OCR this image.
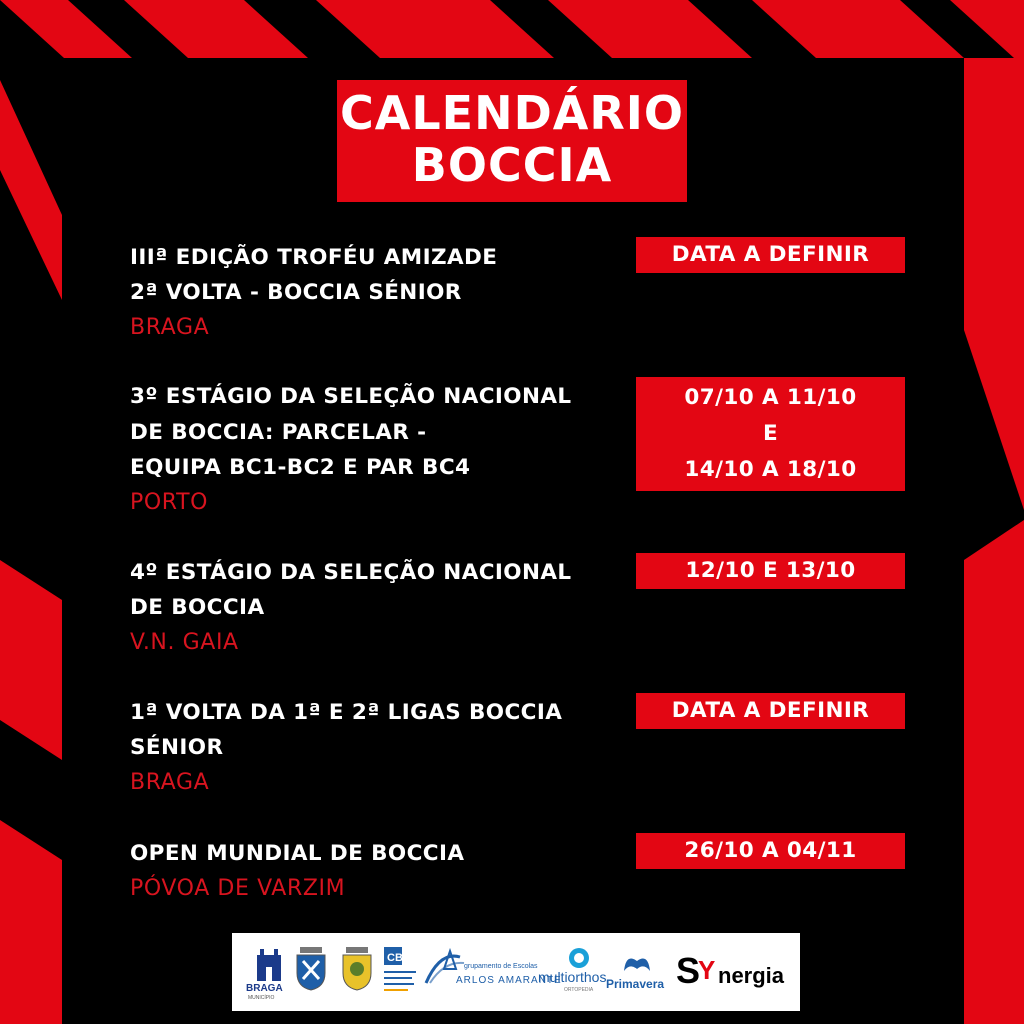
CALENDÁRIO
BOCCIA
IIIª EDIÇÃO TROFÉU AMIZADE
2ª VOLTA - BOCCIA SÉNIOR
BRAGA
DATA A DEFINIR
3º ESTÁGIO DA SELEÇÃO NACIONAL
DE BOCCIA: PARCELAR -
EQUIPA BC1-BC2 E PAR BC4
PORTO
07/10 A 11/10
E
14/10 A 18/10
4º ESTÁGIO DA SELEÇÃO NACIONAL
DE BOCCIA
V.N. GAIA
12/10 E 13/10
1ª VOLTA DA 1ª E 2ª LIGAS BOCCIA
SÉNIOR
BRAGA
DATA A DEFINIR
OPEN MUNDIAL DE BOCCIA
PÓVOA DE VARZIM
26/10 A 04/11
BRAGA
MUNICÍPIO
CB
grupamento de Escolas
ARLOS AMARANTE
multiorthos
ORTOPEDIA Primavera S
Y nergia
